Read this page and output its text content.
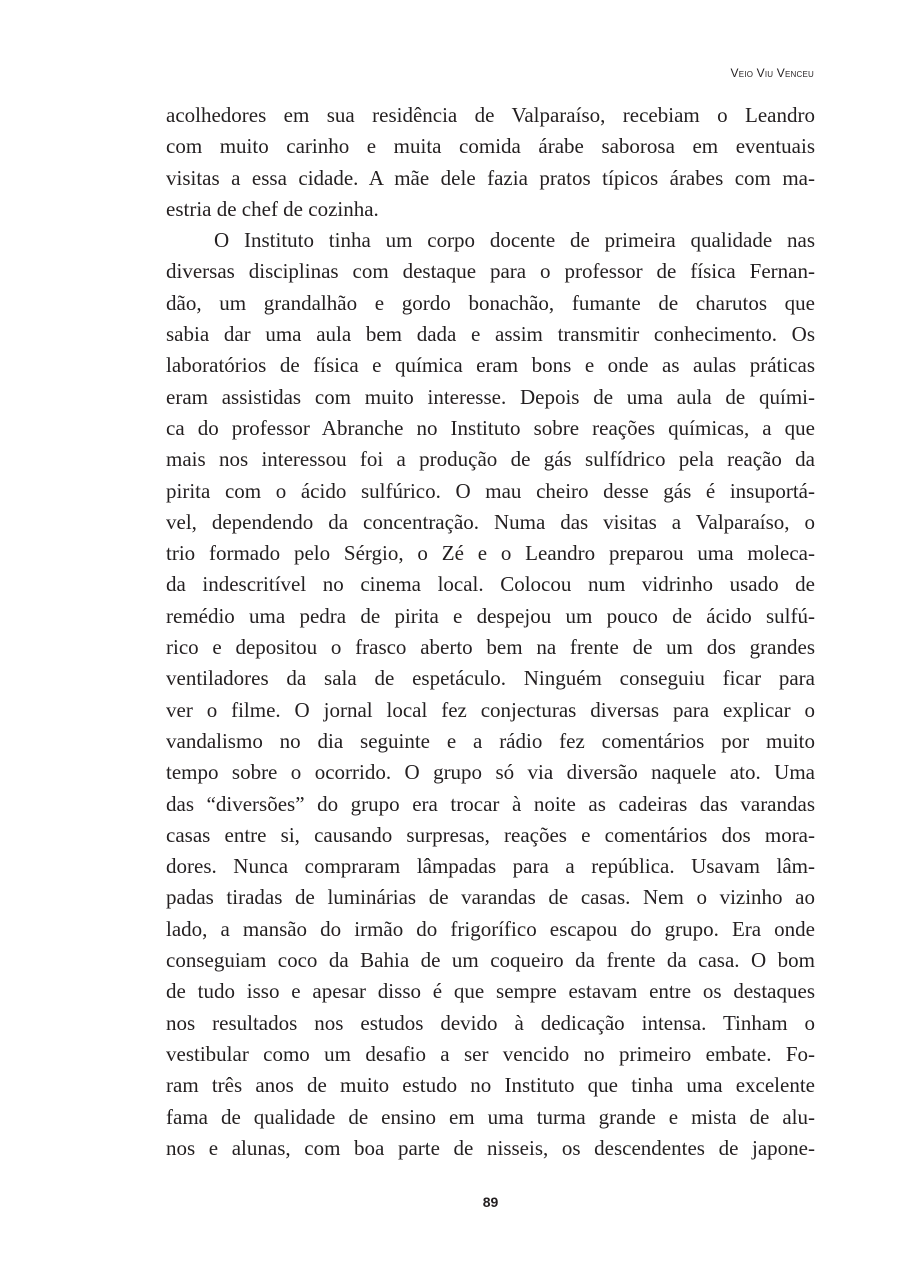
Veio Viu Venceu
acolhedores em sua residência de Valparaíso, recebiam o Leandro
com muito carinho e muita comida árabe saborosa em eventuais
visitas a essa cidade. A mãe dele fazia pratos típicos árabes com ma-
estria de chef de cozinha.
O Instituto tinha um corpo docente de primeira qualidade nas
diversas disciplinas com destaque para o professor de física Fernan-
dão, um grandalhão e gordo bonachão, fumante de charutos que
sabia dar uma aula bem dada e assim transmitir conhecimento. Os
laboratórios de física e química eram bons e onde as aulas práticas
eram assistidas com muito interesse. Depois de uma aula de quími-
ca do professor Abranche no Instituto sobre reações químicas, a que
mais nos interessou foi a produção de gás sulfídrico pela reação da
pirita com o ácido sulfúrico. O mau cheiro desse gás é insuportá-
vel, dependendo da concentração. Numa das visitas a Valparaíso, o
trio formado pelo Sérgio, o Zé e o Leandro preparou uma moleca-
da indescritível no cinema local. Colocou num vidrinho usado de
remédio uma pedra de pirita e despejou um pouco de ácido sulfú-
rico e depositou o frasco aberto bem na frente de um dos grandes
ventiladores da sala de espetáculo. Ninguém conseguiu ficar para
ver o filme. O jornal local fez conjecturas diversas para explicar o
vandalismo no dia seguinte e a rádio fez comentários por muito
tempo sobre o ocorrido. O grupo só via diversão naquele ato. Uma
das “diversões” do grupo era trocar à noite as cadeiras das varandas
casas entre si, causando surpresas, reações e comentários dos mora-
dores. Nunca compraram lâmpadas para a república. Usavam lâm-
padas tiradas de luminárias de varandas de casas. Nem o vizinho ao
lado, a mansão do irmão do frigorífico escapou do grupo. Era onde
conseguiam coco da Bahia de um coqueiro da frente da casa. O bom
de tudo isso e apesar disso é que sempre estavam entre os destaques
nos resultados nos estudos devido à dedicação intensa. Tinham o
vestibular como um desafio a ser vencido no primeiro embate. Fo-
ram três anos de muito estudo no Instituto que tinha uma excelente
fama de qualidade de ensino em uma turma grande e mista de alu-
nos e alunas, com boa parte de nisseis, os descendentes de japone-
89
